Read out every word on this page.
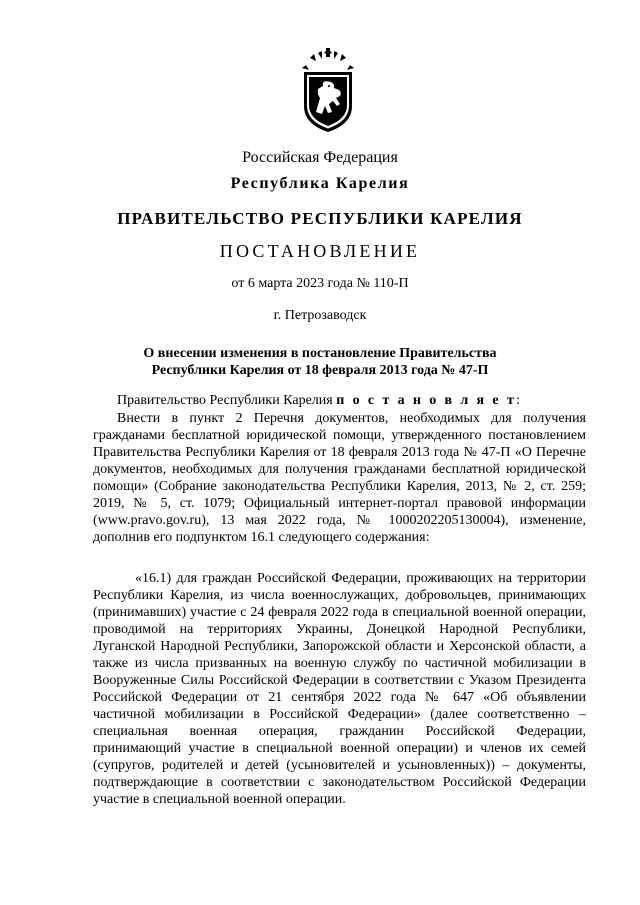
Российская Федерация
Республика Карелия
ПРАВИТЕЛЬСТВО РЕСПУБЛИКИ КАРЕЛИЯ
ПОСТАНОВЛЕНИЕ
от 6 марта 2023 года № 110-П
г. Петрозаводск
О внесении изменения в постановление Правительства
Республики Карелия от 18 февраля 2013 года № 47-П
Правительство Республики Карелия п о с т а н о в л я е т:
Внести в пункт 2 Перечня документов, необходимых для получения гражданами бесплатной юридической помощи, утвержденного постановлением Правительства Республики Карелия от 18 февраля 2013 года № 47-П «О Перечне документов, необходимых для получения гражданами бесплатной юридической помощи» (Собрание законодательства Республики Карелия, 2013, № 2, ст. 259; 2019, № 5, ст. 1079; Официальный интернет-портал правовой информации (www.pravo.gov.ru), 13 мая 2022 года, № 1000202205130004), изменение, дополнив его подпунктом 16.1 следующего содержания:
«16.1) для граждан Российской Федерации, проживающих на территории Республики Карелия, из числа военнослужащих, добровольцев, принимающих (принимавших) участие с 24 февраля 2022 года в специальной военной операции, проводимой на территориях Украины, Донецкой Народной Республики, Луганской Народной Республики, Запорожской области и Херсонской области, а также из числа призванных на военную службу по частичной мобилизации в Вооруженные Силы Российской Федерации в соответствии с Указом Президента Российской Федерации от 21 сентября 2022 года № 647 «Об объявлении частичной мобилизации в Российской Федерации» (далее соответственно – специальная военная операция, гражданин Российской Федерации, принимающий участие в специальной военной операции) и членов их семей (супругов, родителей и детей (усыновителей и усыновленных)) – документы, подтверждающие в соответствии с законодательством Российской Федерации участие в специальной военной операции.
